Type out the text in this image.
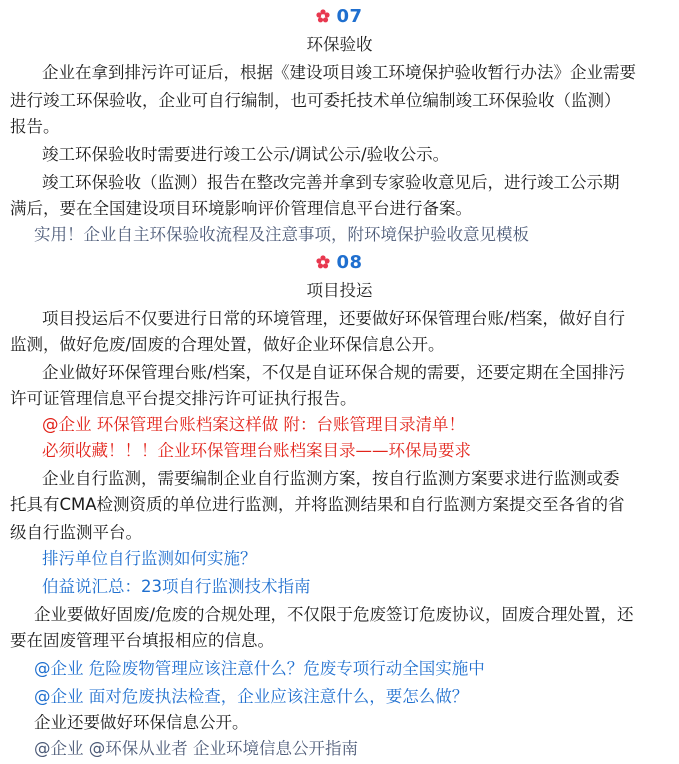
07
环保验收
企业在拿到排污许可证后，根据《建设项目竣工环境保护验收暂行办法》企业需要
进行竣工环保验收，企业可自行编制，也可委托技术单位编制竣工环保验收（监测）
报告。
竣工环保验收时需要进行竣工公示/调试公示/验收公示。
竣工环保验收（监测）报告在整改完善并拿到专家验收意见后，进行竣工公示期
满后，要在全国建设项目环境影响评价管理信息平台进行备案。
实用！企业自主环保验收流程及注意事项，附环境保护验收意见模板
08
项目投运
项目投运后不仅要进行日常的环境管理，还要做好环保管理台账/档案，做好自行
监测，做好危废/固废的合理处置，做好企业环保信息公开。
企业做好环保管理台账/档案，不仅是自证环保合规的需要，还要定期在全国排污
许可证管理信息平台提交排污许可证执行报告。
@企业 环保管理台账档案这样做 附：台账管理目录清单！
必须收藏！！！企业环保管理台账档案目录——环保局要求
企业自行监测，需要编制企业自行监测方案，按自行监测方案要求进行监测或委
托具有CMA检测资质的单位进行监测，并将监测结果和自行监测方案提交至各省的省
级自行监测平台。
排污单位自行监测如何实施？
伯益说汇总：23项自行监测技术指南
企业要做好固废/危废的合规处理，不仅限于危废签订危废协议，固废合理处置，还
要在固废管理平台填报相应的信息。
@企业 危险废物管理应该注意什么？危废专项行动全国实施中
@企业 面对危废执法检查，企业应该注意什么，要怎么做？
企业还要做好环保信息公开。
@企业 @环保从业者 企业环境信息公开指南
